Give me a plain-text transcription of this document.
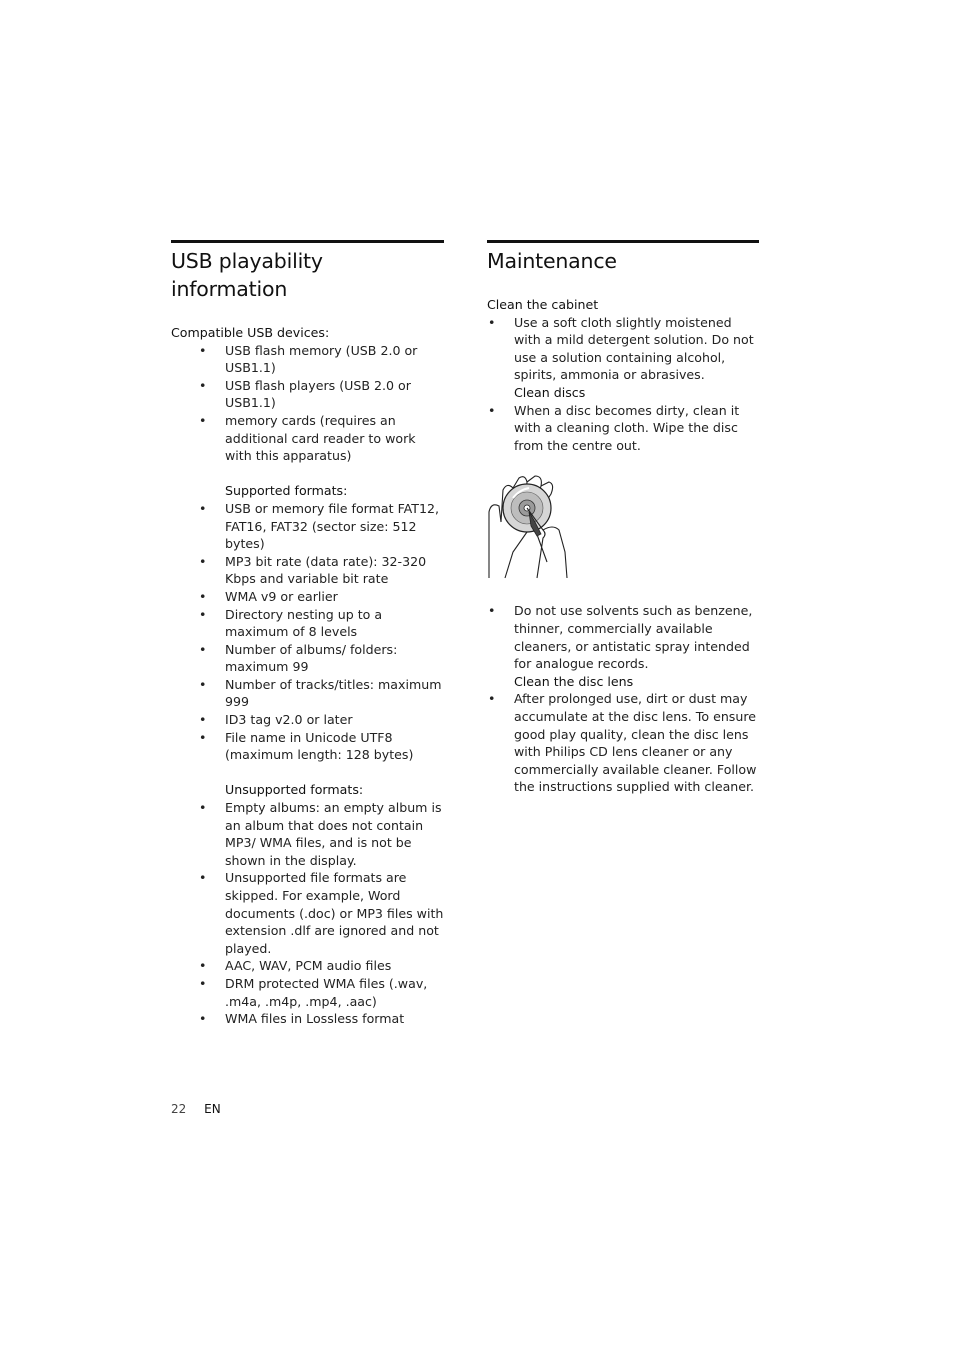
USB playability information

Compatible USB devices:

• USB flash memory (USB 2.0 or USB1.1)
• USB flash players (USB 2.0 or USB1.1)
• memory cards (requires an additional card reader to work with this apparatus)

Supported formats:

• USB or memory file format FAT12, FAT16, FAT32 (sector size: 512 bytes)
• MP3 bit rate (data rate): 32-320 Kbps and variable bit rate
• WMA v9 or earlier
• Directory nesting up to a maximum of 8 levels
• Number of albums/ folders: maximum 99
• Number of tracks/titles: maximum 999
• ID3 tag v2.0 or later
• File name in Unicode UTF8 (maximum length: 128 bytes)

Unsupported formats:

• Empty albums: an empty album is an album that does not contain MP3/ WMA files, and is not be shown in the display.
• Unsupported file formats are skipped. For example, Word documents (.doc) or MP3 files with extension .dlf are ignored and not played.
• AAC, WAV, PCM audio files
• DRM protected WMA files (.wav, .m4a, .m4p, .mp4, .aac)
• WMA files in Lossless format
Maintenance

Clean the cabinet

• Use a soft cloth slightly moistened with a mild detergent solution. Do not use a solution containing alcohol, spirits, ammonia or abrasives.

Clean discs

• When a disc becomes dirty, clean it with a cleaning cloth. Wipe the disc from the centre out.
• Do not use solvents such as benzene, thinner, commercially available cleaners, or antistatic spray intended for analogue records.

Clean the disc lens

• After prolonged use, dirt or dust may accumulate at the disc lens. To ensure good play quality, clean the disc lens with Philips CD lens cleaner or any commercially available cleaner. Follow the instructions supplied with cleaner.
22 EN
